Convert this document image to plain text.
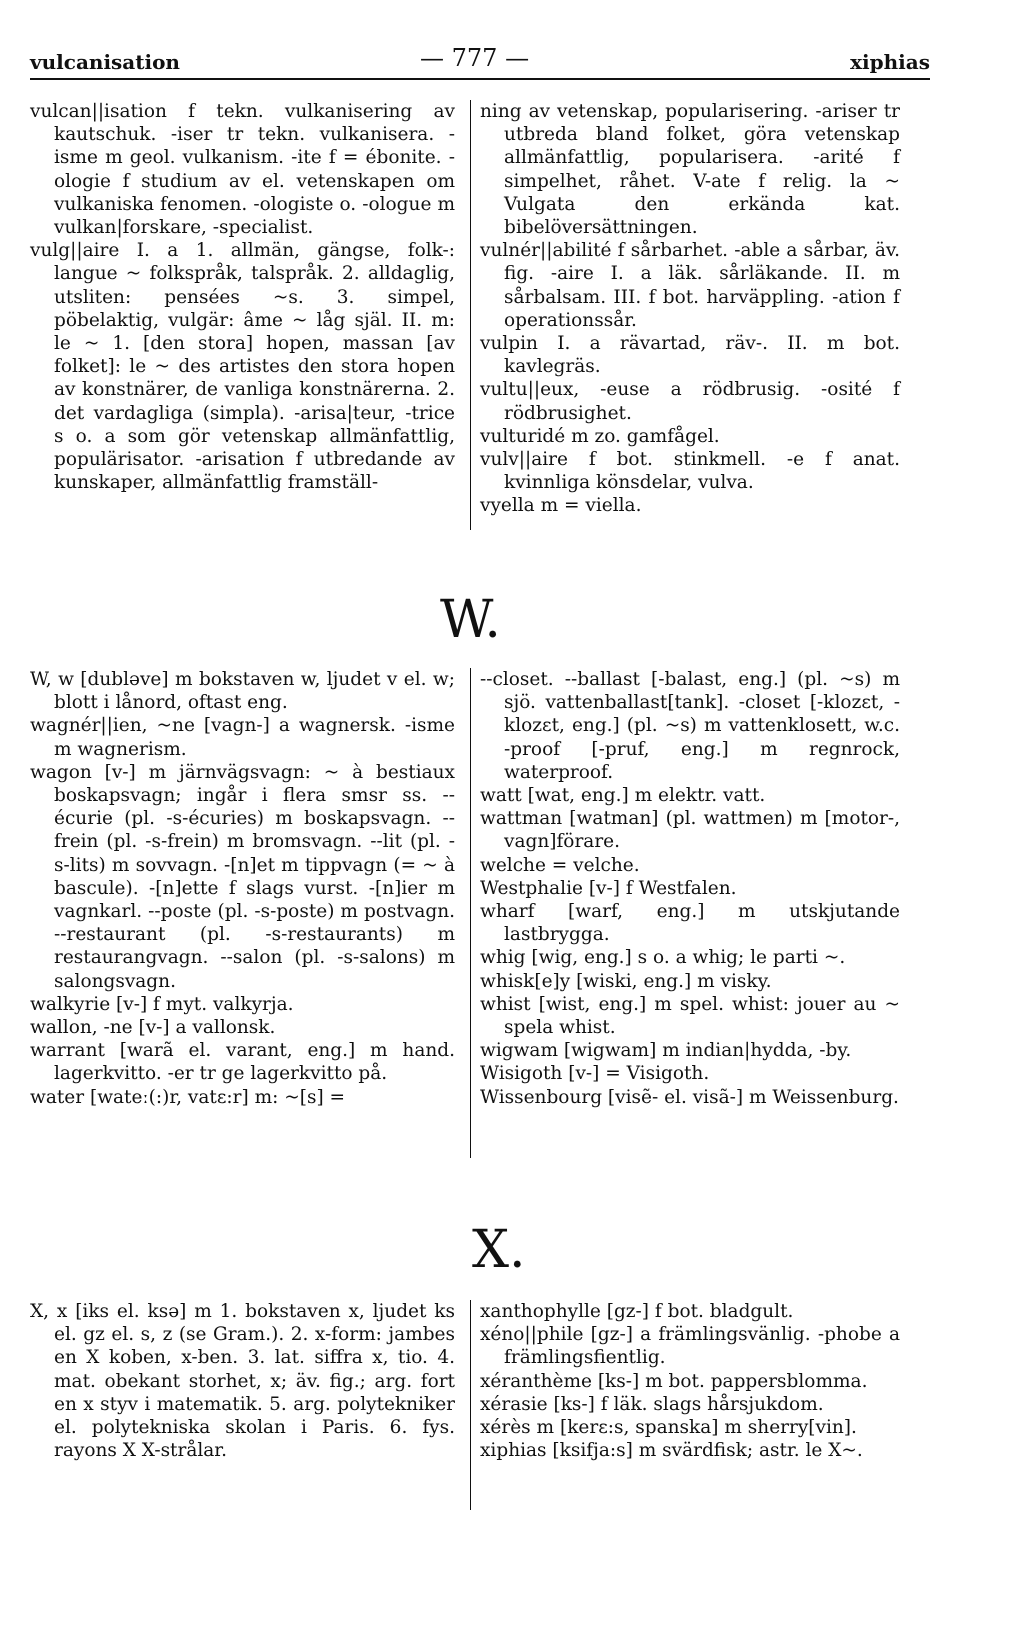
vulcanisation	— 777 —	xiphias

vulcan||isation f tekn. vulkanisering av kautschuk. -iser tr tekn. vulkanisera. -isme m geol. vulkanism. -ite f = ébonite. -ologie f studium av el. vetenskapen om vulkaniska fenomen. -ologiste o. -ologue m vulkan|forskare, -specialist.

vulg||aire I. a 1. allmän, gängse, folk-: langue ~ folkspråk, talspråk. 2. alldaglig, utsliten: pensées ~s. 3. simpel, pöbelaktig, vulgär: âme ~ låg själ. II. m: le ~ 1. [den stora] hopen, massan [av folket]: le ~ des artistes den stora hopen av konstnärer, de vanliga konstnärerna. 2. det vardagliga (simpla). -arisa|teur, -trice s o. a som gör vetenskap allmänfattlig, populärisator. -arisation f utbredande av kunskaper, allmänfattlig framställ-

ning av vetenskap, popularisering. -ariser tr utbreda bland folket, göra vetenskap allmänfattlig, popularisera. -arité f simpelhet, råhet. V-ate f relig. la ~ Vulgata den erkända kat. bibelöversättningen.

vulnér||abilité f sårbarhet. -able a sårbar, äv. fig. -aire I. a läk. sårläkande. II. m sårbalsam. III. f bot. harväppling. -ation f operationssår.

vulpin I. a rävartad, räv-. II. m bot. kavlegräs.

vultu||eux, -euse a rödbrusig. -osité f rödbrusighet.

vulturidé m zo. gamfågel.

vulv||aire f bot. stinkmell. -e f anat. kvinnliga könsdelar, vulva.

vyella m = viella.

W.

W, w [dubləve] m bokstaven w, ljudet v el. w; blott i lånord, oftast eng.

wagnér||ien, ~ne [vagn-] a wagnersk. -isme m wagnerism.

wagon [v-] m järnvägsvagn: ~ à bestiaux boskapsvagn; ingår i flera smsr ss. --écurie (pl. -s-écuries) m boskapsvagn. --frein (pl. -s-frein) m bromsvagn. --lit (pl. -s-lits) m sovvagn. -[n]et m tippvagn (= ~ à bascule). -[n]ette f slags vurst. -[n]ier m vagnkarl. --poste (pl. -s-poste) m postvagn. --restaurant (pl. -s-restaurants) m restaurangvagn. --salon (pl. -s-salons) m salongsvagn.

walkyrie [v-] f myt. valkyrja.

wallon, -ne [v-] a vallonsk.

warrant [warã el. varant, eng.] m hand. lagerkvitto. -er tr ge lagerkvitto på.

water [wateː(:)r, vatɛ:r] m: ~[s] =

--closet. --ballast [-balast, eng.] (pl. ~s) m sjö. vattenballast[tank]. -closet [-klozɛt, -klozɛt, eng.] (pl. ~s) m vattenklosett, w.c. -proof [-pruf, eng.] m regnrock, waterproof.

watt [wat, eng.] m elektr. vatt.

wattman [watman] (pl. wattmen) m [motor-, vagn]förare.

welche = velche.

Westphalie [v-] f Westfalen.

wharf [warf, eng.] m utskjutande lastbrygga.

whig [wig, eng.] s o. a whig; le parti ~.

whisk[e]y [wiski, eng.] m visky.

whist [wist, eng.] m spel. whist: jouer au ~ spela whist.

wigwam [wigwam] m indian|hydda, -by.

Wisigoth [v-] = Visigoth.

Wissenbourg [visẽ- el. visã-] m Weissenburg.

X.

X, x [iks el. ksə] m 1. bokstaven x, ljudet ks el. gz el. s, z (se Gram.). 2. x-form: jambes en X koben, x-ben. 3. lat. siffra x, tio. 4. mat. obekant storhet, x; äv. fig.; arg. fort en x styv i matematik. 5. arg. polytekniker el. polytekniska skolan i Paris. 6. fys. rayons X X-strålar.

xanthophylle [gz-] f bot. bladgult.

xéno||phile [gz-] a främlingsvänlig. -phobe a främlingsfientlig.

xéranthème [ks-] m bot. pappersblomma.

xérasie [ks-] f läk. slags hårsjukdom.

xérès m [kerɛ:s, spanska] m sherry[vin].

xiphias [ksifja:s] m svärdfisk; astr. le X~.
